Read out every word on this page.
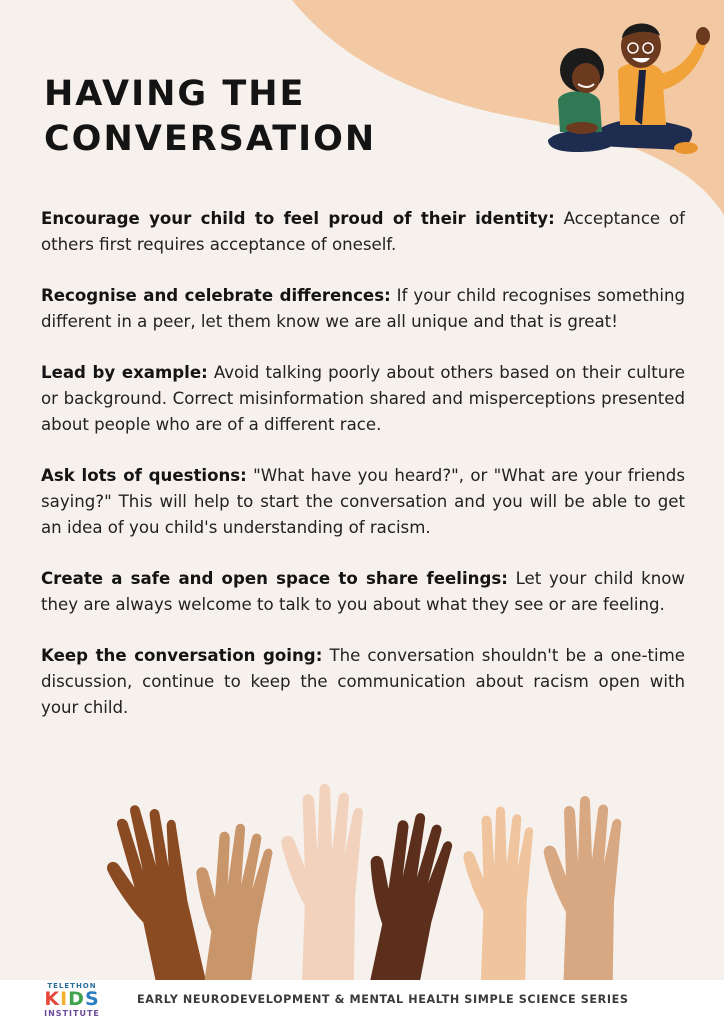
HAVING THE
CONVERSATION

Encourage your child to feel proud of their identity: Acceptance of others first requires acceptance of oneself.

Recognise and celebrate differences: If your child recognises something different in a peer, let them know we are all unique and that is great!

Lead by example: Avoid talking poorly about others based on their culture or background. Correct misinformation shared and misperceptions presented about people who are of a different race.

Ask lots of questions: "What have you heard?", or "What are your friends saying?" This will help to start the conversation and you will be able to get an idea of you child's understanding of racism.

Create a safe and open space to share feelings: Let your child know they are always welcome to talk to you about what they see or are feeling.

Keep the conversation going: The conversation shouldn't be a one-time discussion, continue to keep the communication about racism open with your child.

TELETHON
KIDS
INSTITUTE

EARLY NEURODEVELOPMENT & MENTAL HEALTH SIMPLE SCIENCE SERIES
